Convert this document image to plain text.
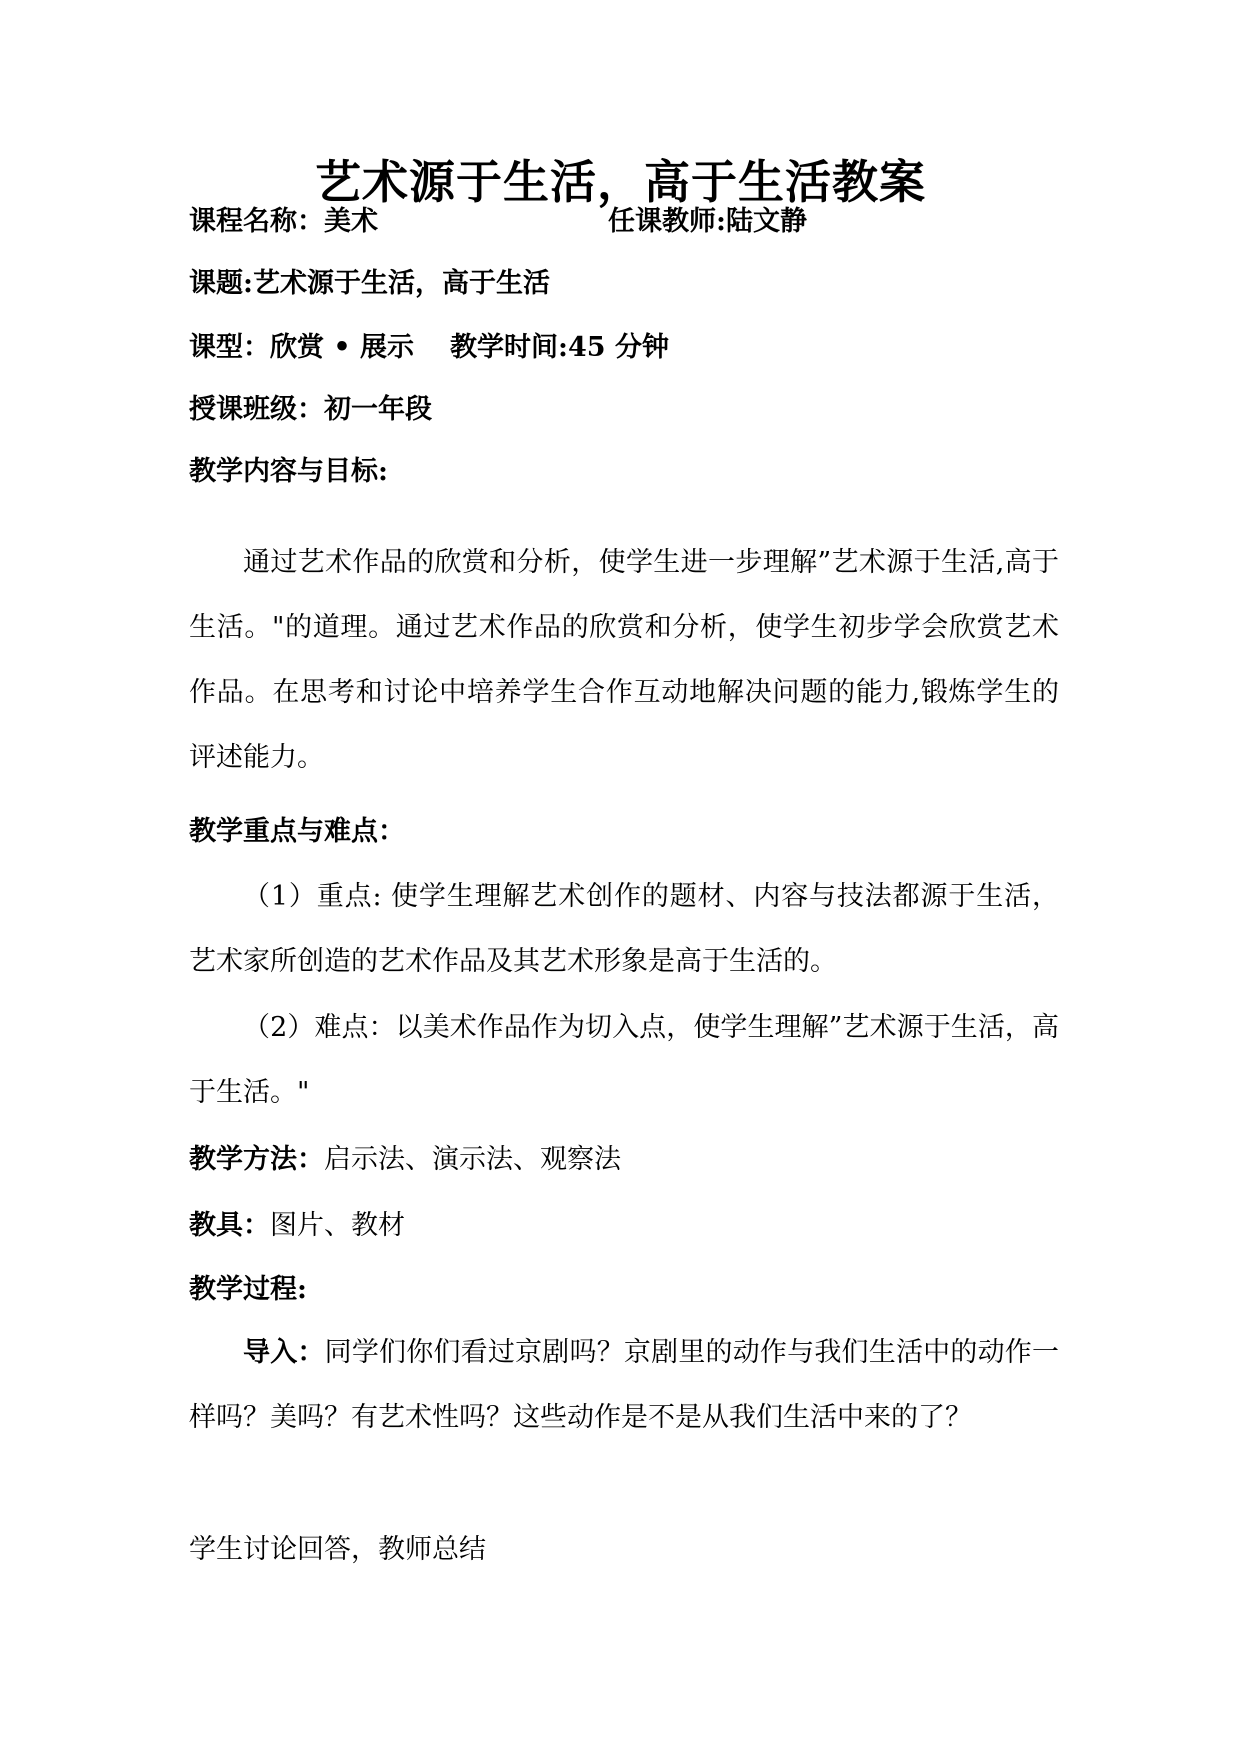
艺术源于生活，高于生活教案
课程名称：美术	任课教师:陆文静
课题:艺术源于生活，高于生活
课型：欣赏 • 展示 教学时间:45 分钟
授课班级：初一年段
教学内容与目标:
通过艺术作品的欣赏和分析，使学生进一步理解”艺术源于生活,高于生活。"的道理。通过艺术作品的欣赏和分析，使学生初步学会欣赏艺术作品。在思考和讨论中培养学生合作互动地解决问题的能力,锻炼学生的评述能力。
教学重点与难点：
（1）重点: 使学生理解艺术创作的题材、内容与技法都源于生活，艺术家所创造的艺术作品及其艺术形象是高于生活的。
（2）难点：以美术作品作为切入点，使学生理解”艺术源于生活，高于生活。"
教学方法：启示法、演示法、观察法
教具：图片、教材
教学过程:
导入：同学们你们看过京剧吗？京剧里的动作与我们生活中的动作一样吗？美吗？有艺术性吗？这些动作是不是从我们生活中来的了？
学生讨论回答，教师总结
